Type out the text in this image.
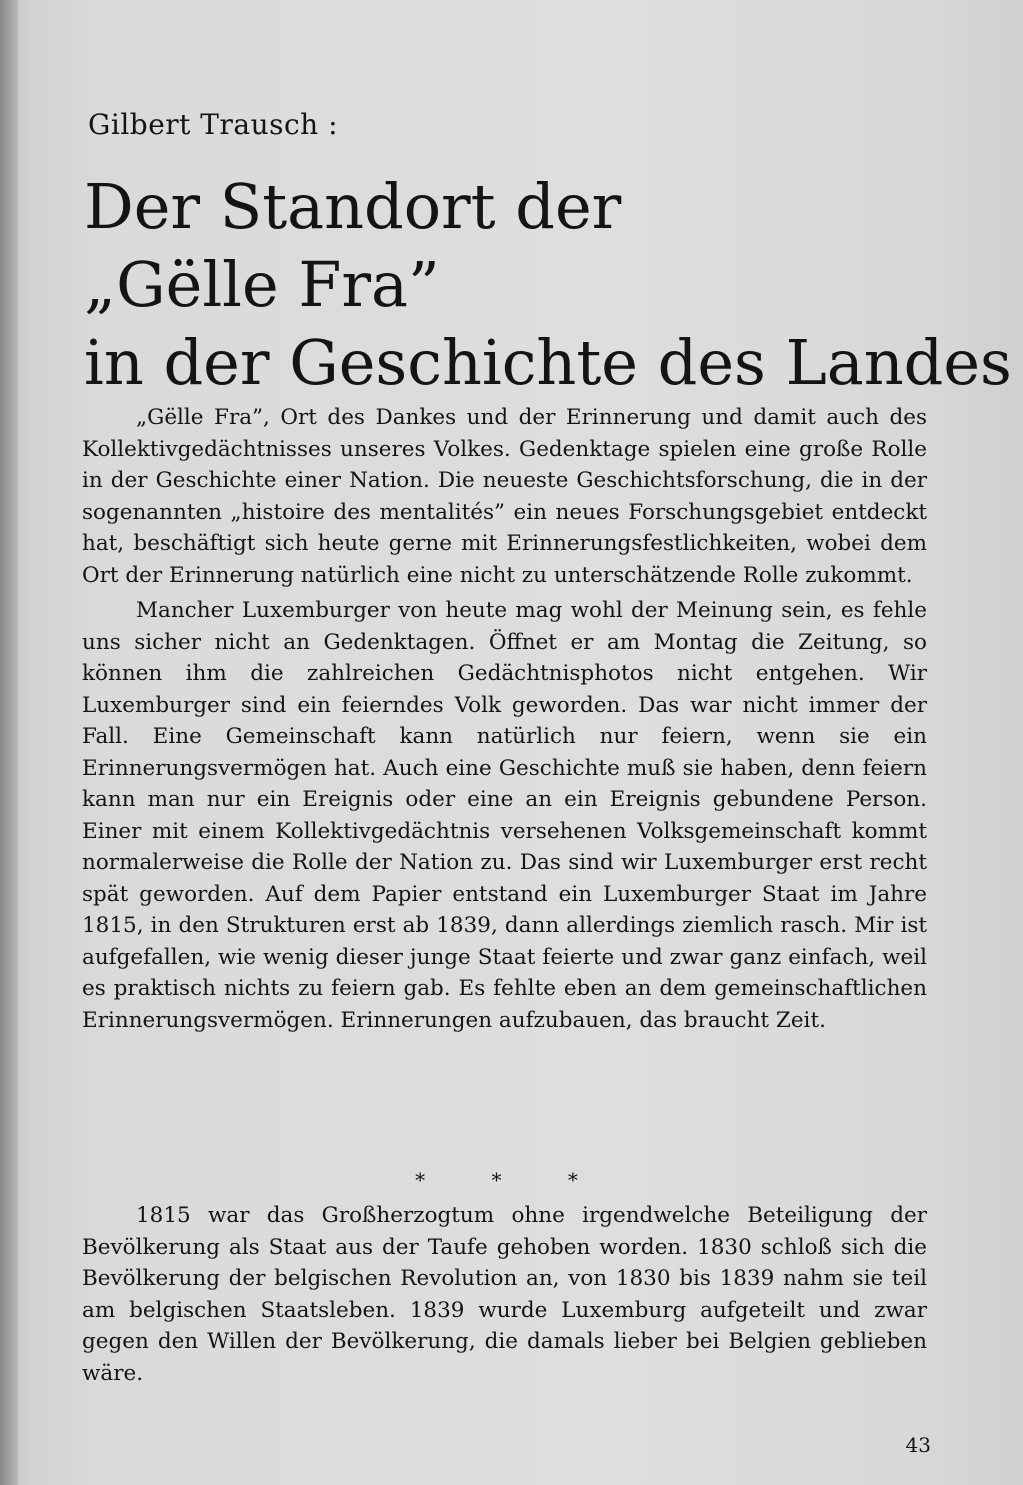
Gilbert Trausch :
Der Standort der
„Gëlle Fra”
in der Geschichte des Landes

„Gëlle Fra”, Ort des Dankes und der Erinnerung und damit auch des Kollektivgedächtnisses unseres Volkes. Gedenktage spielen eine große Rolle in der Geschichte einer Nation. Die neueste Geschichtsforschung, die in der sogenannten „histoire des mentalités” ein neues Forschungsgebiet entdeckt hat, beschäftigt sich heute gerne mit Erinnerungsfestlichkeiten, wobei dem Ort der Erinnerung natürlich eine nicht zu unterschätzende Rolle zukommt.

Mancher Luxemburger von heute mag wohl der Meinung sein, es fehle uns sicher nicht an Gedenktagen. Öffnet er am Montag die Zeitung, so können ihm die zahlreichen Gedächtnisphotos nicht entgehen. Wir Luxemburger sind ein feierndes Volk geworden. Das war nicht immer der Fall. Eine Gemeinschaft kann natürlich nur feiern, wenn sie ein Erinnerungsvermögen hat. Auch eine Geschichte muß sie haben, denn feiern kann man nur ein Ereignis oder eine an ein Ereignis gebundene Person. Einer mit einem Kollektivgedächtnis versehenen Volksgemeinschaft kommt normalerweise die Rolle der Nation zu. Das sind wir Luxemburger erst recht spät geworden. Auf dem Papier entstand ein Luxemburger Staat im Jahre 1815, in den Strukturen erst ab 1839, dann allerdings ziemlich rasch. Mir ist aufgefallen, wie wenig dieser junge Staat feierte und zwar ganz einfach, weil es praktisch nichts zu feiern gab. Es fehlte eben an dem gemeinschaftlichen Erinnerungsvermögen. Erinnerungen aufzubauen, das braucht Zeit.

* * *

1815 war das Großherzogtum ohne irgendwelche Beteiligung der Bevölkerung als Staat aus der Taufe gehoben worden. 1830 schloß sich die Bevölkerung der belgischen Revolution an, von 1830 bis 1839 nahm sie teil am belgischen Staatsleben. 1839 wurde Luxemburg aufgeteilt und zwar gegen den Willen der Bevölkerung, die damals lieber bei Belgien geblieben wäre.

43
